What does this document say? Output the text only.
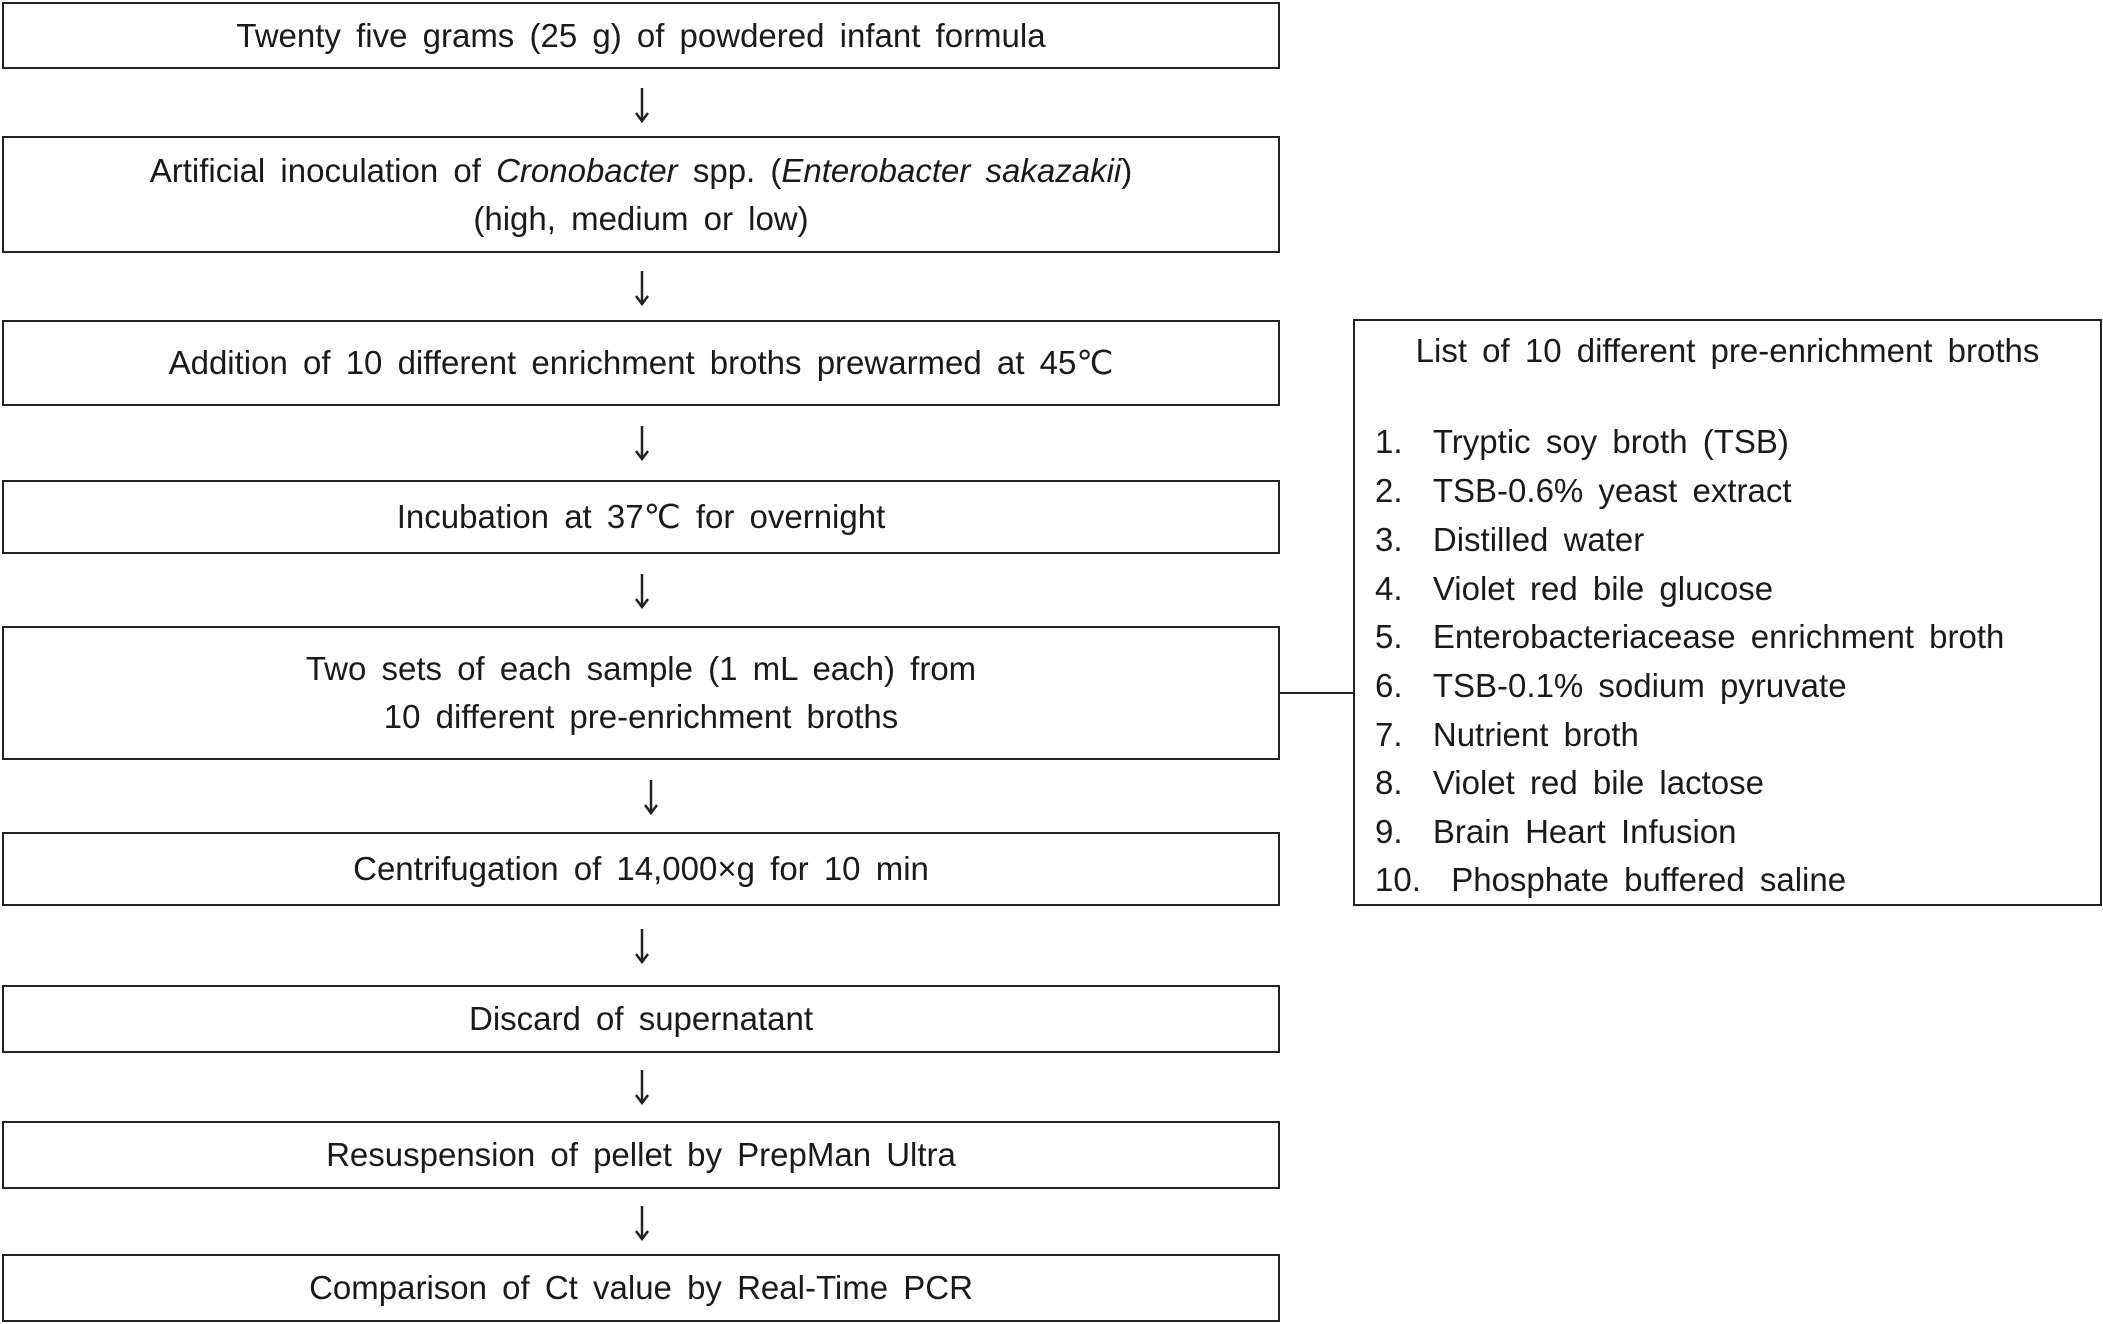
Twenty five grams (25 g) of powdered infant formula
Artificial inoculation of Cronobacter spp. (Enterobacter sakazakii)
(high, medium or low)
Addition of 10 different enrichment broths prewarmed at 45℃
Incubation at 37℃ for overnight
Two sets of each sample (1 mL each) from
10 different pre-enrichment broths
Centrifugation of 14,000×g for 10 min
Discard of supernatant
Resuspension of pellet by PrepMan Ultra
Comparison of Ct value by Real-Time PCR
List of 10 different pre-enrichment broths
1. Tryptic soy broth (TSB)
2. TSB-0.6% yeast extract
3. Distilled water
4. Violet red bile glucose
5. Enterobacteriacease enrichment broth
6. TSB-0.1% sodium pyruvate
7. Nutrient broth
8. Violet red bile lactose
9. Brain Heart Infusion
10. Phosphate buffered saline
